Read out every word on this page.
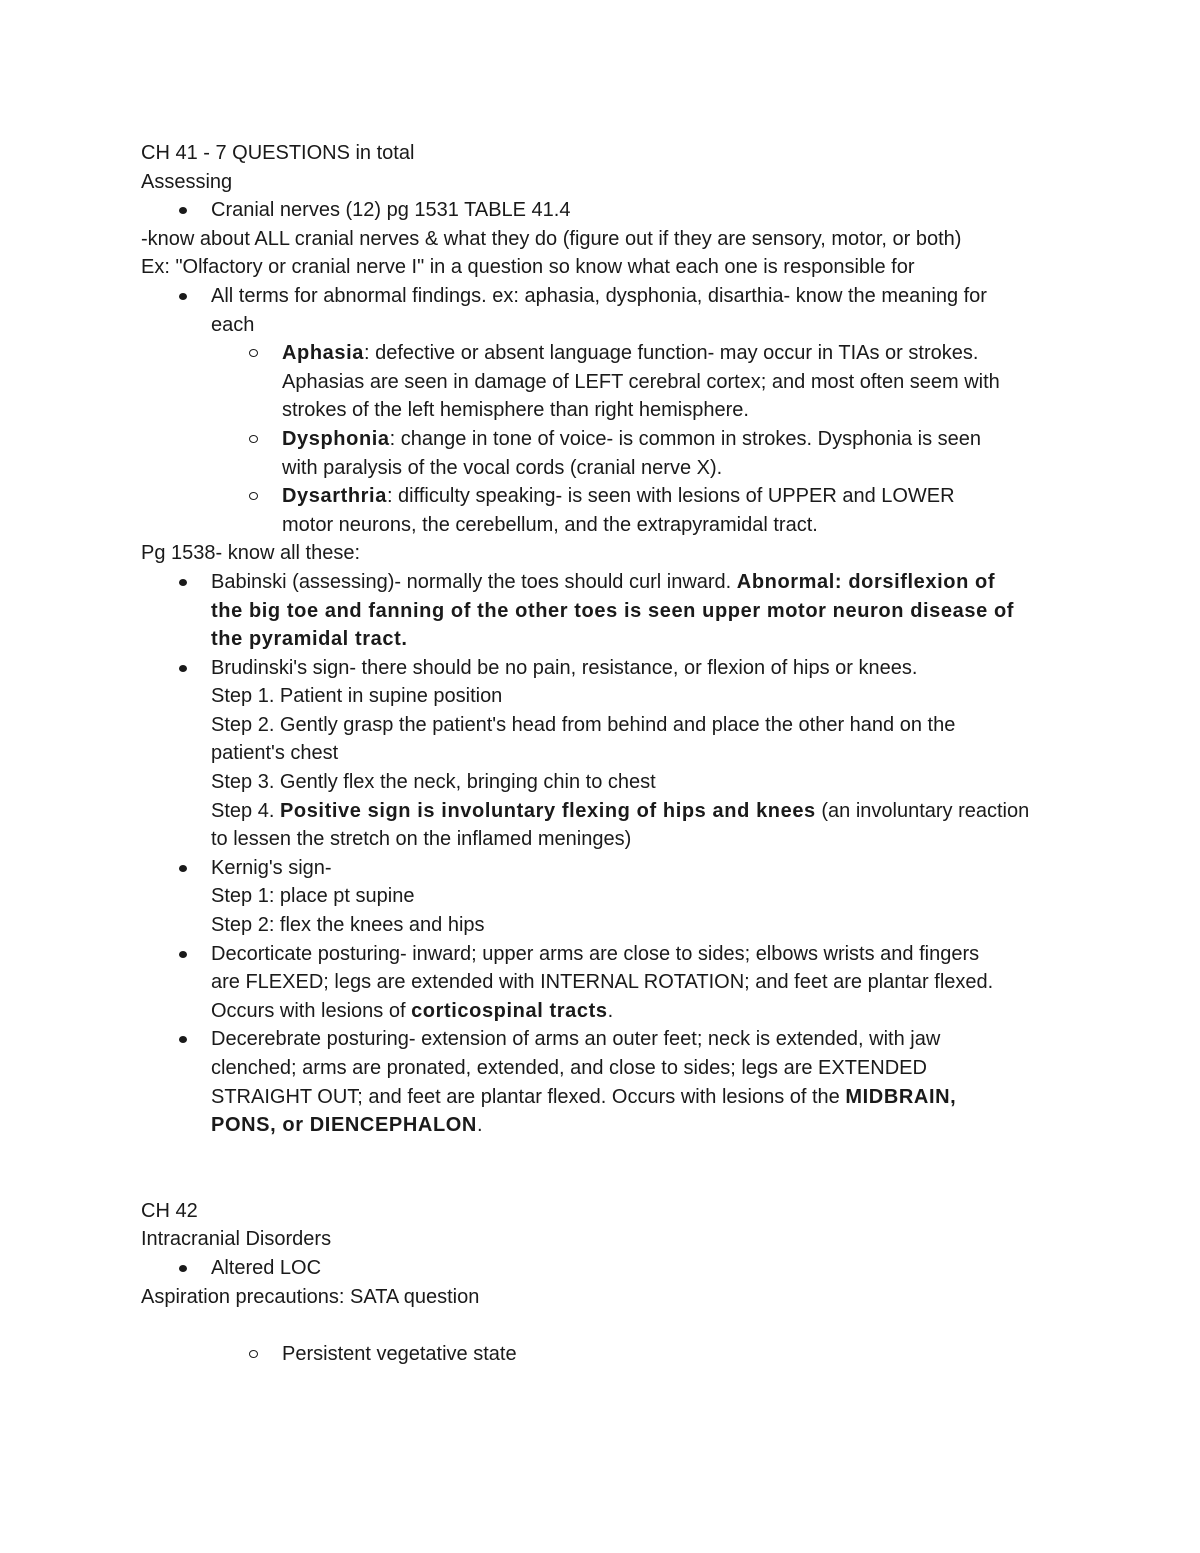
CH 41 - 7 QUESTIONS in total
Assessing
Cranial nerves (12) pg 1531 TABLE 41.4
-know about ALL cranial nerves & what they do (figure out if they are sensory, motor, or both)
Ex: "Olfactory or cranial nerve I" in a question so know what each one is responsible for
All terms for abnormal findings. ex: aphasia, dysphonia, disarthia- know the meaning for
each
Aphasia: defective or absent language function- may occur in TIAs or strokes.
Aphasias are seen in damage of LEFT cerebral cortex; and most often seem with
strokes of the left hemisphere than right hemisphere.
Dysphonia: change in tone of voice- is common in strokes. Dysphonia is seen
with paralysis of the vocal cords (cranial nerve X).
Dysarthria: difficulty speaking- is seen with lesions of UPPER and LOWER
motor neurons, the cerebellum, and the extrapyramidal tract.
Pg 1538- know all these:
Babinski (assessing)- normally the toes should curl inward. Abnormal: dorsiflexion of
the big toe and fanning of the other toes is seen upper motor neuron disease of
the pyramidal tract.
Brudinski's sign- there should be no pain, resistance, or flexion of hips or knees.
Step 1. Patient in supine position
Step 2. Gently grasp the patient's head from behind and place the other hand on the
patient's chest
Step 3. Gently flex the neck, bringing chin to chest
Step 4. Positive sign is involuntary flexing of hips and knees (an involuntary reaction
to lessen the stretch on the inflamed meninges)
Kernig's sign-
Step 1: place pt supine
Step 2: flex the knees and hips
Decorticate posturing- inward; upper arms are close to sides; elbows wrists and fingers
are FLEXED; legs are extended with INTERNAL ROTATION; and feet are plantar flexed.
Occurs with lesions of corticospinal tracts.
Decerebrate posturing- extension of arms an outer feet; neck is extended, with jaw
clenched; arms are pronated, extended, and close to sides; legs are EXTENDED
STRAIGHT OUT; and feet are plantar flexed. Occurs with lesions of the MIDBRAIN,
PONS, or DIENCEPHALON.
CH 42
Intracranial Disorders
Altered LOC
Aspiration precautions: SATA question
Persistent vegetative state
